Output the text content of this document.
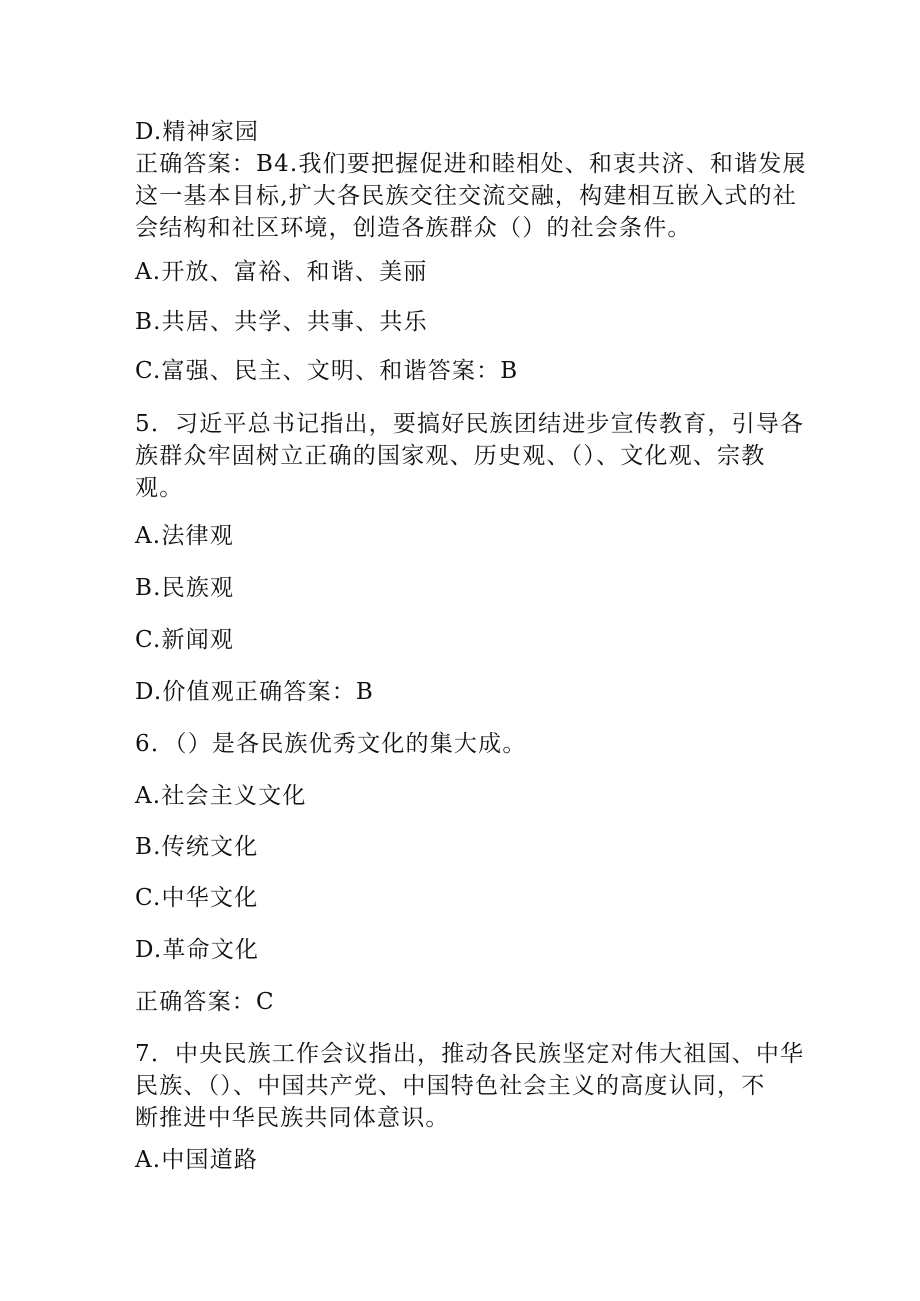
D.精神家园

正确答案：B4.我们要把握促进和睦相处、和衷共济、和谐发展

这一基本目标,扩大各民族交往交流交融，构建相互嵌入式的社

会结构和社区环境，创造各族群众（）的社会条件。

A.开放、富裕、和谐、美丽

B.共居、共学、共事、共乐

C.富强、民主、文明、和谐答案：B

5．习近平总书记指出，要搞好民族团结进步宣传教育，引导各

族群众牢固树立正确的国家观、历史观、（）、文化观、宗教

观。

A.法律观

B.民族观

C.新闻观

D.价值观正确答案：B

6．（）是各民族优秀文化的集大成。

A.社会主义文化

B.传统文化

C.中华文化

D.革命文化

正确答案：C

7．中央民族工作会议指出，推动各民族坚定对伟大祖国、中华

民族、（）、中国共产党、中国特色社会主义的高度认同，不

断推进中华民族共同体意识。

A.中国道路
